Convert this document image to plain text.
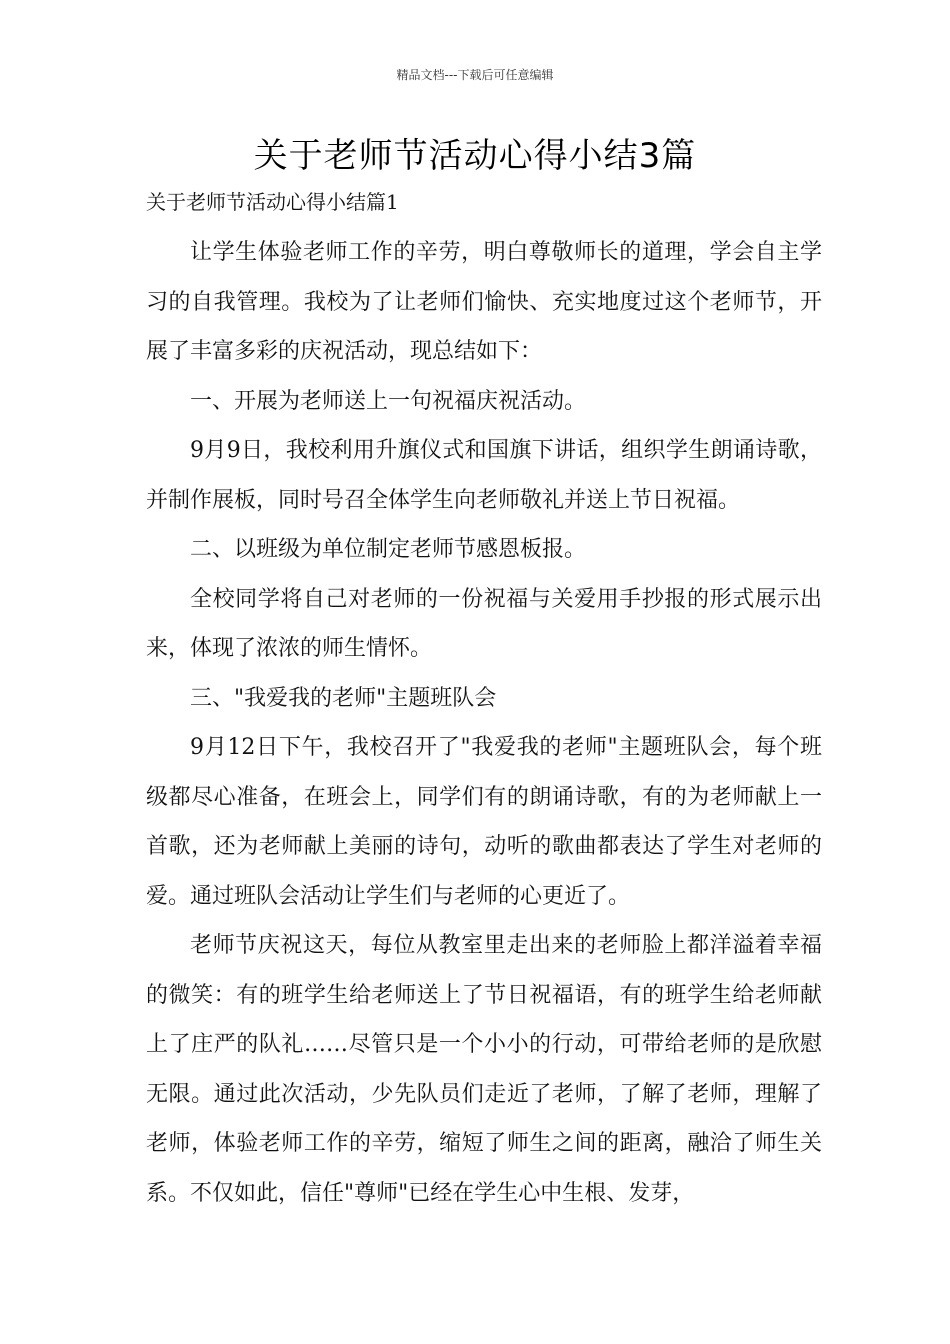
精品文档---下载后可任意编辑
关于老师节活动心得小结3篇
关于老师节活动心得小结篇1

让学生体验老师工作的辛劳，明白尊敬师长的道理，学会自主学习的自我管理。我校为了让老师们愉快、充实地度过这个老师节，开展了丰富多彩的庆祝活动，现总结如下：

一、开展为老师送上一句祝福庆祝活动。

9月9日，我校利用升旗仪式和国旗下讲话，组织学生朗诵诗歌，并制作展板，同时号召全体学生向老师敬礼并送上节日祝福。

二、以班级为单位制定老师节感恩板报。

全校同学将自己对老师的一份祝福与关爱用手抄报的形式展示出来，体现了浓浓的师生情怀。

三、"我爱我的老师"主题班队会

9月12日下午，我校召开了"我爱我的老师"主题班队会，每个班级都尽心准备，在班会上，同学们有的朗诵诗歌，有的为老师献上一首歌，还为老师献上美丽的诗句，动听的歌曲都表达了学生对老师的爱。通过班队会活动让学生们与老师的心更近了。

老师节庆祝这天，每位从教室里走出来的老师脸上都洋溢着幸福的微笑：有的班学生给老师送上了节日祝福语，有的班学生给老师献上了庄严的队礼……尽管只是一个小小的行动，可带给老师的是欣慰无限。通过此次活动，少先队员们走近了老师，了解了老师，理解了老师，体验老师工作的辛劳，缩短了师生之间的距离，融洽了师生关系。不仅如此，信任"尊师"已经在学生心中生根、发芽，
